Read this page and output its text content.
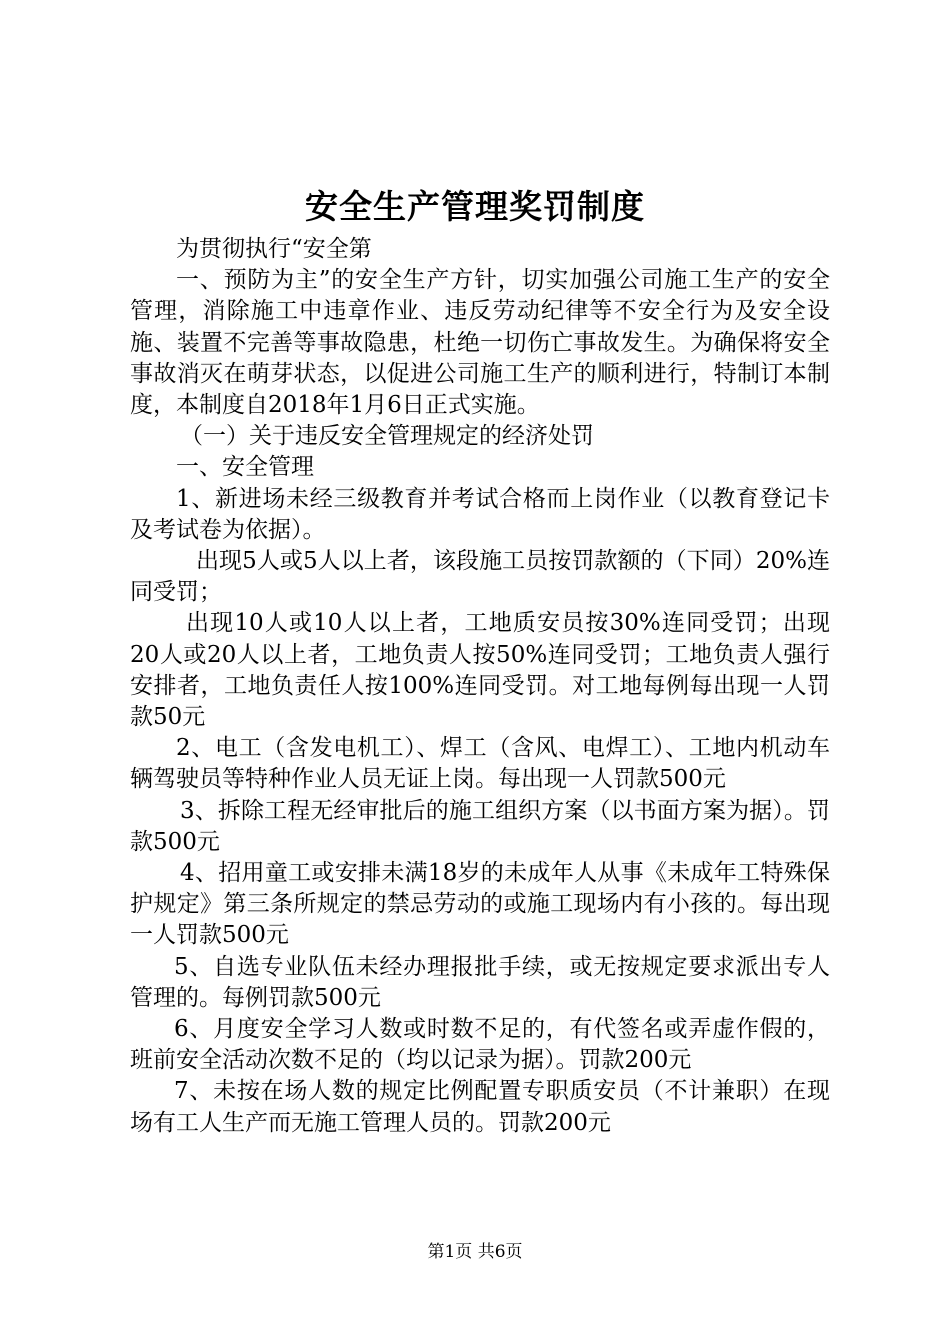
安全生产管理奖罚制度

为贯彻执行“安全第

一、预防为主”的安全生产方针，切实加强公司施工生产的安全管理，消除施工中违章作业、违反劳动纪律等不安全行为及安全设施、装置不完善等事故隐患，杜绝一切伤亡事故发生。为确保将安全事故消灭在萌芽状态，以促进公司施工生产的顺利进行，特制订本制度，本制度自2018年1月6日正式实施。

（一）关于违反安全管理规定的经济处罚

一、安全管理

1、新进场未经三级教育并考试合格而上岗作业（以教育登记卡及考试卷为依据）。

出现5人或5人以上者，该段施工员按罚款额的（下同）20%连同受罚；

出现10人或10人以上者，工地质安员按30%连同受罚；出现20人或20人以上者，工地负责人按50%连同受罚；工地负责人强行安排者，工地负责任人按100%连同受罚。对工地每例每出现一人罚款50元

2、电工（含发电机工）、焊工（含风、电焊工）、工地内机动车辆驾驶员等特种作业人员无证上岗。每出现一人罚款500元

3、拆除工程无经审批后的施工组织方案（以书面方案为据）。罚款500元

4、招用童工或安排未满18岁的未成年人从事《未成年工特殊保护规定》第三条所规定的禁忌劳动的或施工现场内有小孩的。每出现一人罚款500元

5、自选专业队伍未经办理报批手续，或无按规定要求派出专人管理的。每例罚款500元

6、月度安全学习人数或时数不足的，有代签名或弄虚作假的，班前安全活动次数不足的（均以记录为据）。罚款200元

7、未按在场人数的规定比例配置专职质安员（不计兼职）在现场有工人生产而无施工管理人员的。罚款200元

第1页 共6页
